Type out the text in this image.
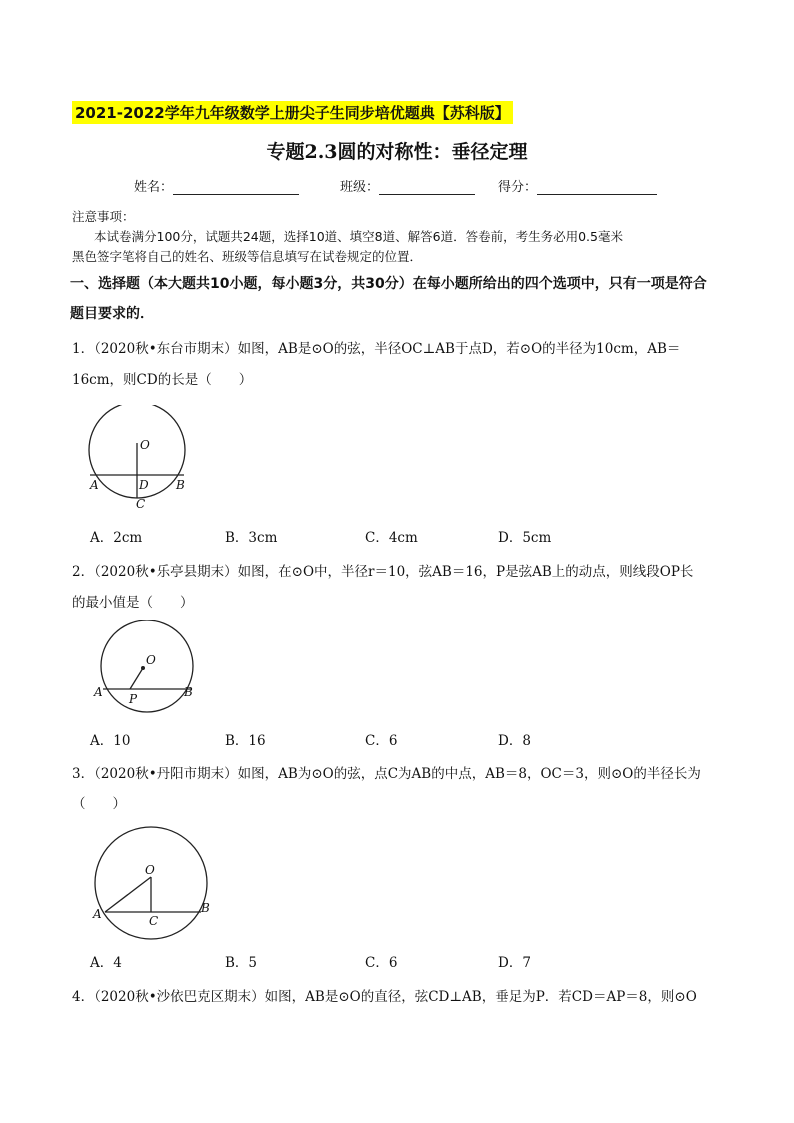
2021-2022学年九年级数学上册尖子生同步培优题典【苏科版】
专题2.3圆的对称性：垂径定理
姓名：	班级：	得分：
注意事项：
本试卷满分100分，试题共24题，选择10道、填空8道、解答6道．答卷前，考生务必用0.5毫米
黑色签字笔将自己的姓名、班级等信息填写在试卷规定的位置．
一、选择题（本大题共10小题，每小题3分，共30分）在每小题所给出的四个选项中，只有一项是符合
题目要求的．
1．（2020秋•东台市期末）如图，AB是⊙O的弦，半径OC⊥AB于点D，若⊙O的半径为10cm，AB＝
16cm，则CD的长是（　　）
O
A	D B
C
A．2cm	B．3cm	C．4cm	D．5cm
2．（2020秋•乐亭县期末）如图，在⊙O中，半径r＝10，弦AB＝16，P是弦AB上的动点，则线段OP长
的最小值是（　　）
O
A P	B
A．10	B．16	C．6	D．8
3．（2020秋•丹阳市期末）如图，AB为⊙O的弦，点C为AB的中点，AB＝8，OC＝3，则⊙O的半径长为
（　　）
O
A	C
B
A．4	B．5	C．6	D．7
4．（2020秋•沙依巴克区期末）如图，AB是⊙O的直径，弦CD⊥AB，垂足为P．若CD＝AP＝8，则⊙O
